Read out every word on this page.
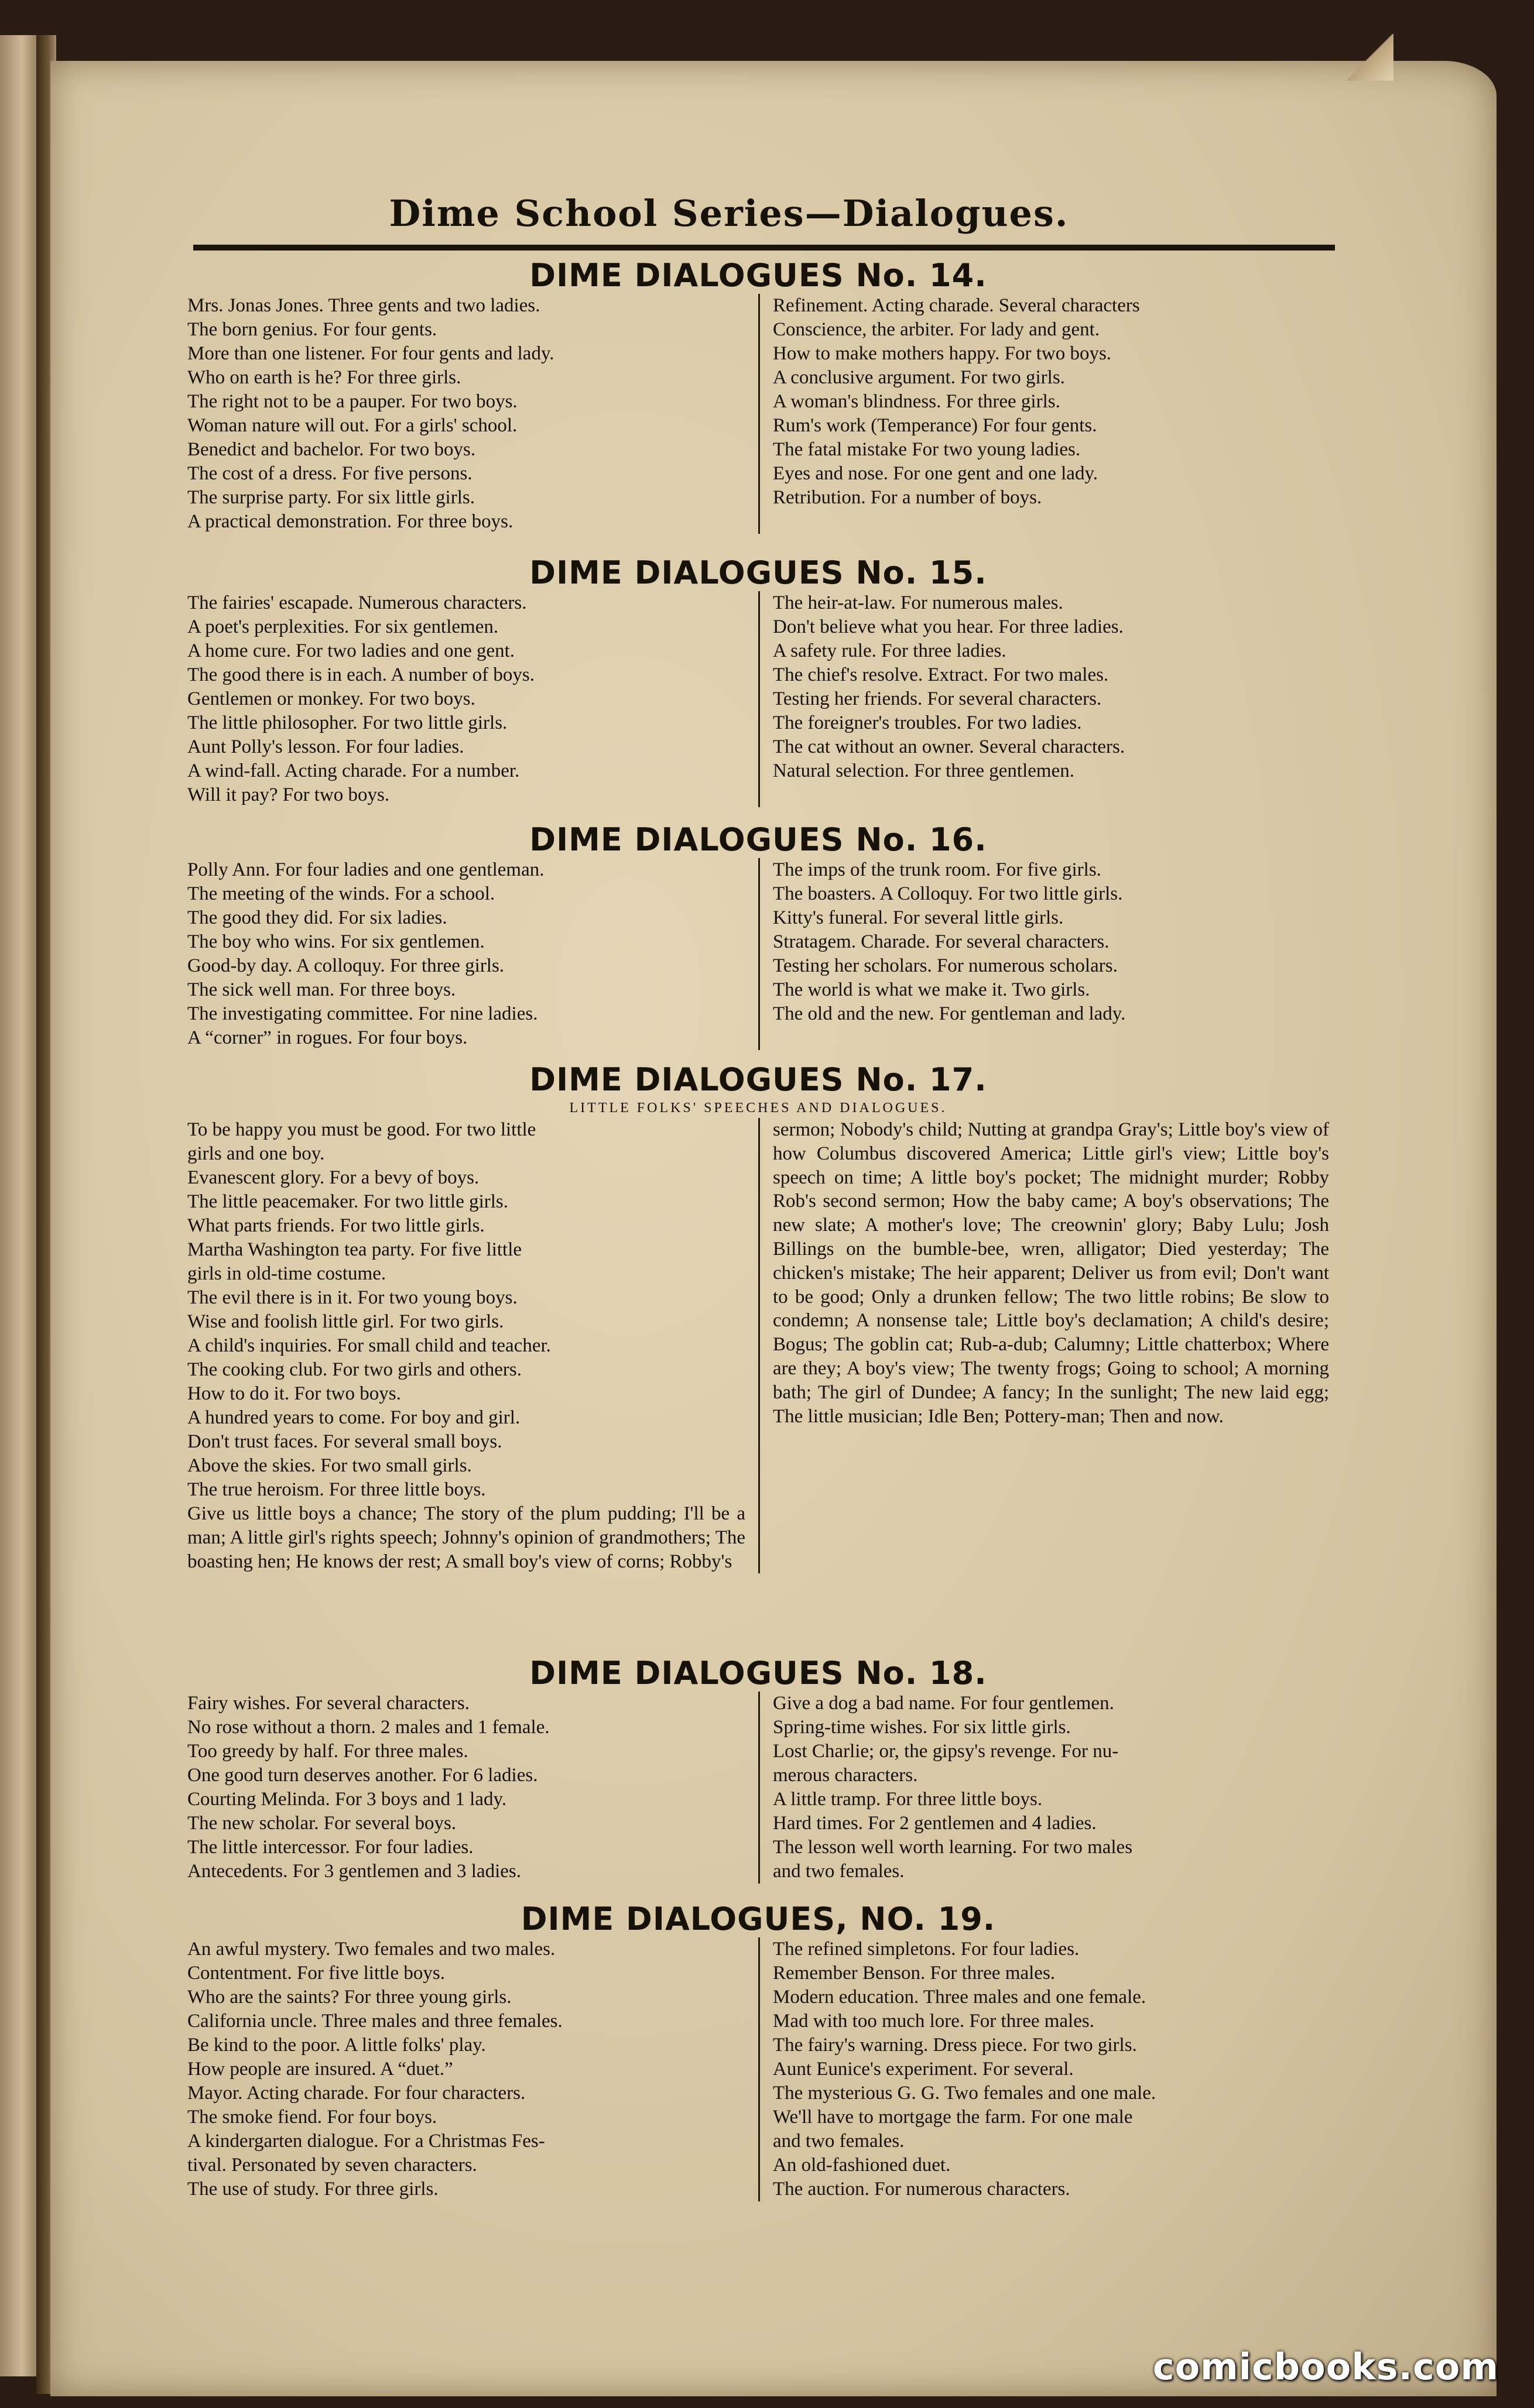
Dime School Series—Dialogues.
DIME DIALOGUES No. 14.
Mrs. Jonas Jones. Three gents and two ladies.
The born genius. For four gents.
More than one listener. For four gents and lady.
Who on earth is he? For three girls.
The right not to be a pauper. For two boys.
Woman nature will out. For a girls' school.
Benedict and bachelor. For two boys.
The cost of a dress. For five persons.
The surprise party. For six little girls.
A practical demonstration. For three boys.
Refinement. Acting charade. Several characters
Conscience, the arbiter. For lady and gent.
How to make mothers happy. For two boys.
A conclusive argument. For two girls.
A woman's blindness. For three girls.
Rum's work (Temperance) For four gents.
The fatal mistake For two young ladies.
Eyes and nose. For one gent and one lady.
Retribution. For a number of boys.
DIME DIALOGUES No. 15.
The fairies' escapade. Numerous characters.
A poet's perplexities. For six gentlemen.
A home cure. For two ladies and one gent.
The good there is in each. A number of boys.
Gentlemen or monkey. For two boys.
The little philosopher. For two little girls.
Aunt Polly's lesson. For four ladies.
A wind-fall. Acting charade. For a number.
Will it pay? For two boys.
The heir-at-law. For numerous males.
Don't believe what you hear. For three ladies.
A safety rule. For three ladies.
The chief's resolve. Extract. For two males.
Testing her friends. For several characters.
The foreigner's troubles. For two ladies.
The cat without an owner. Several characters.
Natural selection. For three gentlemen.
DIME DIALOGUES No. 16.
Polly Ann. For four ladies and one gentleman.
The meeting of the winds. For a school.
The good they did. For six ladies.
The boy who wins. For six gentlemen.
Good-by day. A colloquy. For three girls.
The sick well man. For three boys.
The investigating committee. For nine ladies.
A “corner” in rogues. For four boys.
The imps of the trunk room. For five girls.
The boasters. A Colloquy. For two little girls.
Kitty's funeral. For several little girls.
Stratagem. Charade. For several characters.
Testing her scholars. For numerous scholars.
The world is what we make it. Two girls.
The old and the new. For gentleman and lady.
DIME DIALOGUES No. 17.
LITTLE FOLKS' SPEECHES AND DIALOGUES.
To be happy you must be good. For two little
girls and one boy.
Evanescent glory. For a bevy of boys.
The little peacemaker. For two little girls.
What parts friends. For two little girls.
Martha Washington tea party. For five little
girls in old-time costume.
The evil there is in it. For two young boys.
Wise and foolish little girl. For two girls.
A child's inquiries. For small child and teacher.
The cooking club. For two girls and others.
How to do it. For two boys.
A hundred years to come. For boy and girl.
Don't trust faces. For several small boys.
Above the skies. For two small girls.
The true heroism. For three little boys.
Give us little boys a chance; The story of the plum pudding; I'll be a man; A little girl's rights speech; Johnny's opinion of grandmothers; The boasting hen; He knows der rest; A small boy's view of corns; Robby's
sermon; Nobody's child; Nutting at grandpa Gray's; Little boy's view of how Columbus discovered America; Little girl's view; Little boy's speech on time; A little boy's pocket; The midnight murder; Robby Rob's second sermon; How the baby came; A boy's observations; The new slate; A mother's love; The creownin' glory; Baby Lulu; Josh Billings on the bumble-bee, wren, alligator; Died yesterday; The chicken's mistake; The heir apparent; Deliver us from evil; Don't want to be good; Only a drunken fellow; The two little robins; Be slow to condemn; A nonsense tale; Little boy's declamation; A child's desire; Bogus; The goblin cat; Rub-a-dub; Calumny; Little chatterbox; Where are they; A boy's view; The twenty frogs; Going to school; A morning bath; The girl of Dundee; A fancy; In the sunlight; The new laid egg; The little musician; Idle Ben; Pottery-man; Then and now.
DIME DIALOGUES No. 18.
Fairy wishes. For several characters.
No rose without a thorn. 2 males and 1 female.
Too greedy by half. For three males.
One good turn deserves another. For 6 ladies.
Courting Melinda. For 3 boys and 1 lady.
The new scholar. For several boys.
The little intercessor. For four ladies.
Antecedents. For 3 gentlemen and 3 ladies.
Give a dog a bad name. For four gentlemen.
Spring-time wishes. For six little girls.
Lost Charlie; or, the gipsy's revenge. For nu-
merous characters.
A little tramp. For three little boys.
Hard times. For 2 gentlemen and 4 ladies.
The lesson well worth learning. For two males
and two females.
DIME DIALOGUES, NO. 19.
An awful mystery. Two females and two males.
Contentment. For five little boys.
Who are the saints? For three young girls.
California uncle. Three males and three females.
Be kind to the poor. A little folks' play.
How people are insured. A “duet.”
Mayor. Acting charade. For four characters.
The smoke fiend. For four boys.
A kindergarten dialogue. For a Christmas Fes-
tival. Personated by seven characters.
The use of study. For three girls.
The refined simpletons. For four ladies.
Remember Benson. For three males.
Modern education. Three males and one female.
Mad with too much lore. For three males.
The fairy's warning. Dress piece. For two girls.
Aunt Eunice's experiment. For several.
The mysterious G. G. Two females and one male.
We'll have to mortgage the farm. For one male
and two females.
An old-fashioned duet.
The auction. For numerous characters.
comicbooks.com
